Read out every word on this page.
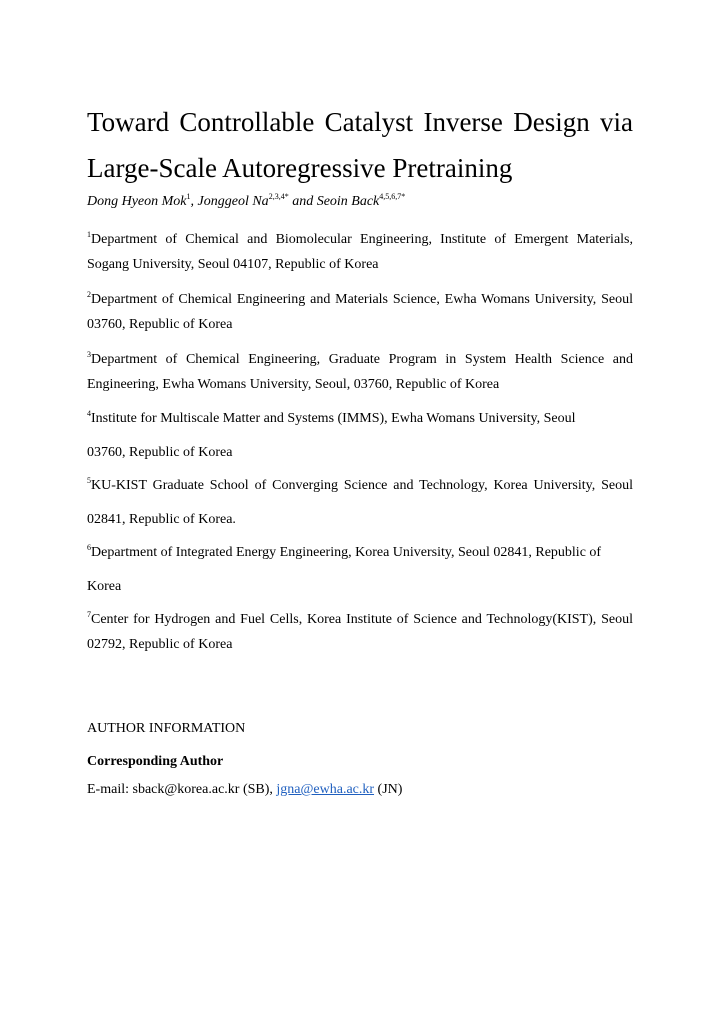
Toward Controllable Catalyst Inverse Design via
Large-Scale Autoregressive Pretraining
Dong Hyeon Mok$^1$, Jonggeol $Na^{2,3,4*}$ and Seoin Back$^{4,5,6,7*}$
$^1$Department of Chemical and Biomolecular Engineering, Institute of Emergent Materials,
Sogang University, Seoul 04107, Republic of Korea
$^2$Department of Chemical Engineering and Materials Science, Ewha Womans University, Seoul
03760, Republic of Korea
$^3$Department of Chemical Engineering, Graduate Program in System Health Science and
Engineering, Ewha Womans University, Seoul, 03760, Republic of Korea
$^4$Institute for Multiscale Matter and Systems (IMMS), Ewha Womans University, Seoul
03760, Republic of Korea
$^5$KU-KIST Graduate School of Converging Science and Technology, Korea University, Seoul
02841, Republic of Korea.
$^6$Department of Integrated Energy Engineering, Korea University, Seoul 02841, Republic of
Korea
$^7$Center for Hydrogen and Fuel Cells, Korea Institute of Science and Technology(KIST), Seoul
02792, Republic of Korea
AUTHOR INFORMATION
Corresponding Author
E-mail: sback@korea.ac.kr (SB), jgna@ewha.ac.kr (JN)
